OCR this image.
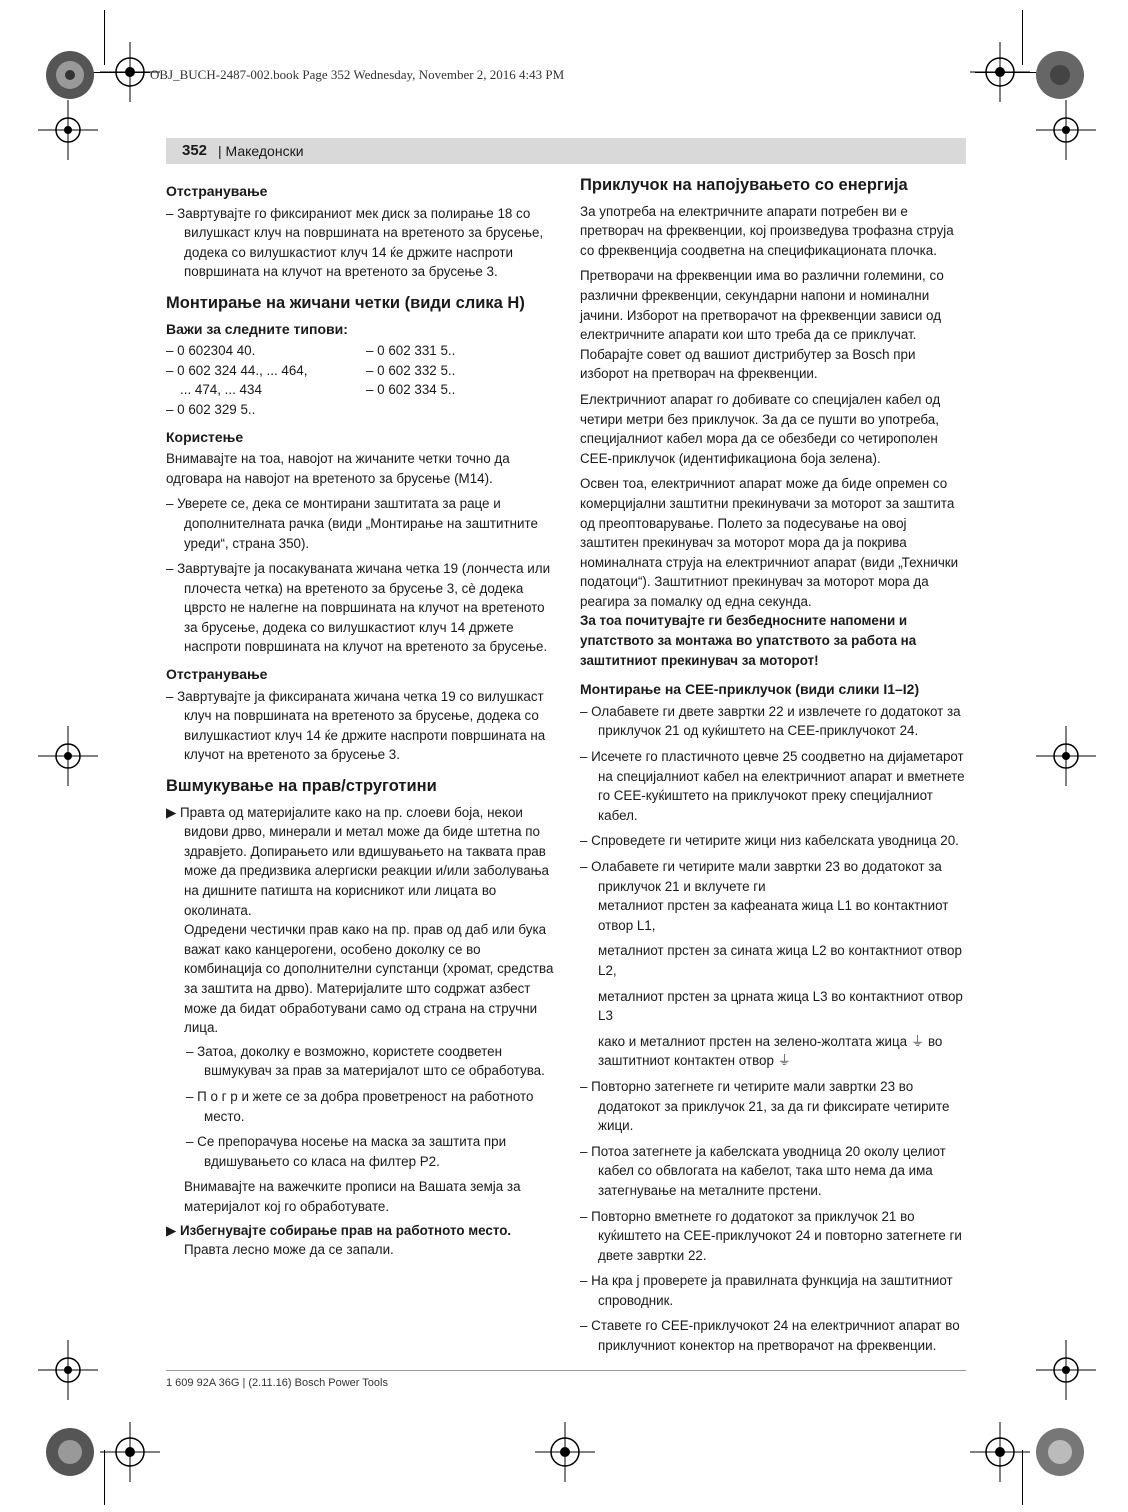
OBJ_BUCH-2487-002.book Page 352 Wednesday, November 2, 2016 4:43 PM
352 | Македонски
Отстранување

– Завртувајте го фиксираниот мек диск за полирање 18 со вилушкаст клуч на површината на вретеното за брусење, додека со вилушкастиот клуч 14 ќе држите наспроти површината на клучот на вретеното за брусење 3.

Монтирање на жичани четки (види слика H)
Важи за следните типови:
– 0 602304 40.
– 0 602 324 44., ... 464,
... 474, ... 434
– 0 602 329 5..
– 0 602 331 5..
– 0 602 332 5..
– 0 602 334 5..
Користење

Внимавајте на тоа, навојот на жичаните четки точно да одговара на навојот на вретеното за брусење (M14).

– Уверете се, дека се монтирани заштитата за раце и дополнителната рачка (види „Монтирање на заштитните уреди“, страна 350).

– Завртувајте ја посакуваната жичана четка 19 (лончеста или плочеста четка) на вретеното за брусење 3, сè додека цврсто не налегне на површината на клучот на вретеното за брусење, додека со вилушкастиот клуч 14 држете наспроти површината на клучот на вретеното за брусење.

Отстранување

– Завртувајте ја фиксираната жичана четка 19 со вилушкаст клуч на површината на вретеното за брусење, додека со вилушкастиот клуч 14 ќе држите наспроти површината на клучот на вретеното за брусење 3.

Вшмукување на прав/струготини

▶ Правта од материјалите како на пр. слоеви боја, некои видови дрво, минерали и метал може да биде штетна по здравјето. Допирањето или вдишувањето на таквата прав може да предизвика алергиски реакции и/или заболувања на дишните патишта на корисникот или лицата во околината.

Одредени честички прав како на пр. прав од даб или бука важат како канцерогени, особено доколку се во комбинација со дополнителни супстанци (хромат, средства за заштита на дрво). Материјалите што содржат азбест може да бидат обработувани само од страна на стручни лица.

– Затоа, доколку е возможно, користете соодветен вшмукувач за прав за материјалот што се обработува.

– П о г р и жете се за добра проветреност на работното место.

– Се препорачува носење на маска за заштита при вдишувањето со класа на филтер P2.

Внимавајте на важечките прописи на Вашата земја за материјалот кој го обработувате.

▶ Избегнувајте собирање прав на работното место.

Правта лесно може да се запали.

Приклучок на напојувањето со енергија

За употреба на електричните апарати потребен ви е претворач на фреквенции, кој произведува трофазна струја со фреквенција соодветна на спецификационата плочка.

Претворачи на фреквенции има во различни големини, со различни фреквенции, секундарни напони и номинални јачини. Изборот на претворачот на фреквенции зависи од електричните апарати кои што треба да се приклучат. Побарајте совет од вашиот дистрибутер за Bosch при изборот на претворач на фреквенции.

Електричниот апарат го добивате со специјален кабел од четири метри без приклучок. За да се пушти во употреба, специјалниот кабел мора да се обезбеди со четирополен CEE-приклучок (идентификациона боја зелена).

Освен тоа, електричниот апарат може да биде опремен со комерцијални заштитни прекинувачи за моторот за заштита од преоптоварување. Полето за подесување на овој заштитен прекинувач за моторот мора да ја покрива номиналната струја на електричниот апарат (види „Технички податоци“). Заштитниот прекинувач за моторот мора да реагира за помалку од една секунда.

За тоа почитувајте ги безбедносните напомени и упатството за монтажа во упатството за работа на заштитниот прекинувач за моторот!

Монтирање на CEE-приклучок (види слики I1–I2)

– Олабавете ги двете завртки 22 и извлечете го додатокот за приклучок 21 од куќиштето на CEE-приклучокот 24.

– Исечете го пластичното цевче 25 соодветно на дијаметарот на специјалниот кабел на електричниот апарат и вметнете го CEE-куќиштето на приклучокот преку специјалниот кабел.

– Спроведете ги четирите жици низ кабелската уводница 20.

– Олабавете ги четирите мали завртки 23 во додатокот за приклучок 21 и вклучете ги

металниот прстен за кафеаната жица L1 во контактниот отвор L1,

металниот прстен за сината жица L2 во контактниот отвор L2,

металниот прстен за црната жица L3 во контактниот отвор L3

како и металниот прстен на зелено-жолтата жица ⏚ во заштитниот контактен отвор ⏚

– Повторно затегнете ги четирите мали завртки 23 во додатокот за приклучок 21, за да ги фиксирате четирите жици.

– Потоа затегнете ја кабелската уводница 20 околу целиот кабел со обвлогата на кабелот, така што нема да има затегнување на металните прстени.

– Повторно вметнете го додатокот за приклучок 21 во куќиштето на CEE-приклучокот 24 и повторно затегнете ги двете завртки 22.

– На кра ј проверете ја правилната функција на заштитниот спроводник.

– Ставете го CEE-приклучокот 24 на електричниот апарат во приклучниот конектор на претворачот на фреквенции.

1 609 92A 36G | (2.11.16) Bosch Power Tools
